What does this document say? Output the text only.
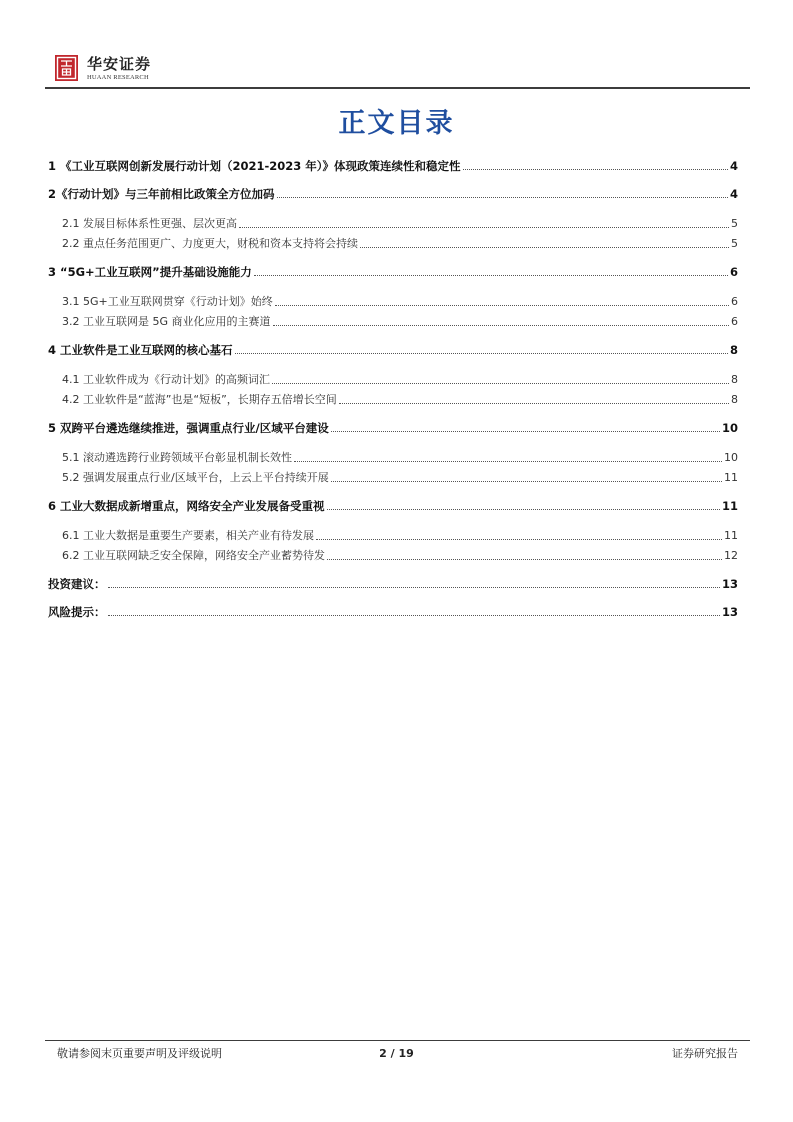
华安证券
HUAAN RESEARCH
正文目录
1 《工业互联网创新发展行动计划（2021-2023 年）》体现政策连续性和稳定性	4
2《行动计划》与三年前相比政策全方位加码	4
2.1 发展目标体系性更强、层次更高	5
2.2 重点任务范围更广、力度更大，财税和资本支持将会持续	5
3 “5G+工业互联网”提升基础设施能力	6
3.1 5G+工业互联网贯穿《行动计划》始终	6
3.2 工业互联网是 5G 商业化应用的主赛道	6
4 工业软件是工业互联网的核心基石	8
4.1 工业软件成为《行动计划》的高频词汇	8
4.2 工业软件是“蓝海”也是“短板”，长期存五倍增长空间	8
5 双跨平台遴选继续推进，强调重点行业/区域平台建设	10
5.1 滚动遴选跨行业跨领域平台彰显机制长效性	10
5.2 强调发展重点行业/区域平台，上云上平台持续开展	11
6 工业大数据成新增重点，网络安全产业发展备受重视	11
6.1 工业大数据是重要生产要素，相关产业有待发展	11
6.2 工业互联网缺乏安全保障，网络安全产业蓄势待发	12
投资建议：	13
风险提示：	13
敬请参阅末页重要声明及评级说明	2 / 19	证券研究报告
